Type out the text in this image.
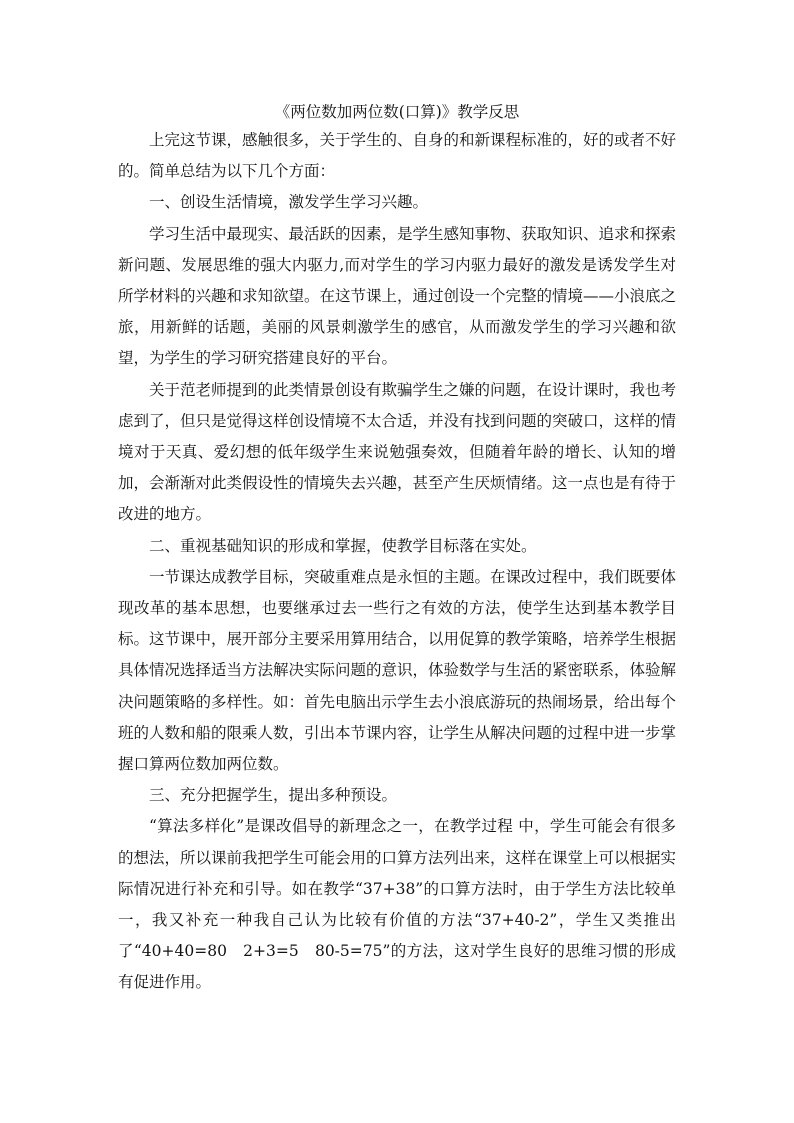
《两位数加两位数(口算)》教学反思

上完这节课，感触很多，关于学生的、自身的和新课程标准的，好的或者不好的。简单总结为以下几个方面：

一、创设生活情境，激发学生学习兴趣。

学习生活中最现实、最活跃的因素，是学生感知事物、获取知识、追求和探索新问题、发展思维的强大内驱力,而对学生的学习内驱力最好的激发是诱发学生对所学材料的兴趣和求知欲望。在这节课上，通过创设一个完整的情境——小浪底之旅，用新鲜的话题，美丽的风景刺激学生的感官，从而激发学生的学习兴趣和欲望，为学生的学习研究搭建良好的平台。

关于范老师提到的此类情景创设有欺骗学生之嫌的问题，在设计课时，我也考虑到了，但只是觉得这样创设情境不太合适，并没有找到问题的突破口，这样的情境对于天真、爱幻想的低年级学生来说勉强奏效，但随着年龄的增长、认知的增加，会渐渐对此类假设性的情境失去兴趣，甚至产生厌烦情绪。这一点也是有待于改进的地方。

二、重视基础知识的形成和掌握，使教学目标落在实处。

一节课达成教学目标，突破重难点是永恒的主题。在课改过程中，我们既要体现改革的基本思想，也要继承过去一些行之有效的方法，使学生达到基本教学目标。这节课中，展开部分主要采用算用结合，以用促算的教学策略，培养学生根据具体情况选择适当方法解决实际问题的意识，体验数学与生活的紧密联系，体验解决问题策略的多样性。如：首先电脑出示学生去小浪底游玩的热闹场景，给出每个班的人数和船的限乘人数，引出本节课内容，让学生从解决问题的过程中进一步掌握口算两位数加两位数。

三、充分把握学生，提出多种预设。

“算法多样化”是课改倡导的新理念之一，在教学过程 中，学生可能会有很多的想法，所以课前我把学生可能会用的口算方法列出来，这样在课堂上可以根据实际情况进行补充和引导。如在教学“37+38”的口算方法时，由于学生方法比较单一，我又补充一种我自己认为比较有价值的方法“37+40-2”，学生又类推出了“40+40=80　2+3=5　80-5=75”的方法，这对学生良好的思维习惯的形成有促进作用。
